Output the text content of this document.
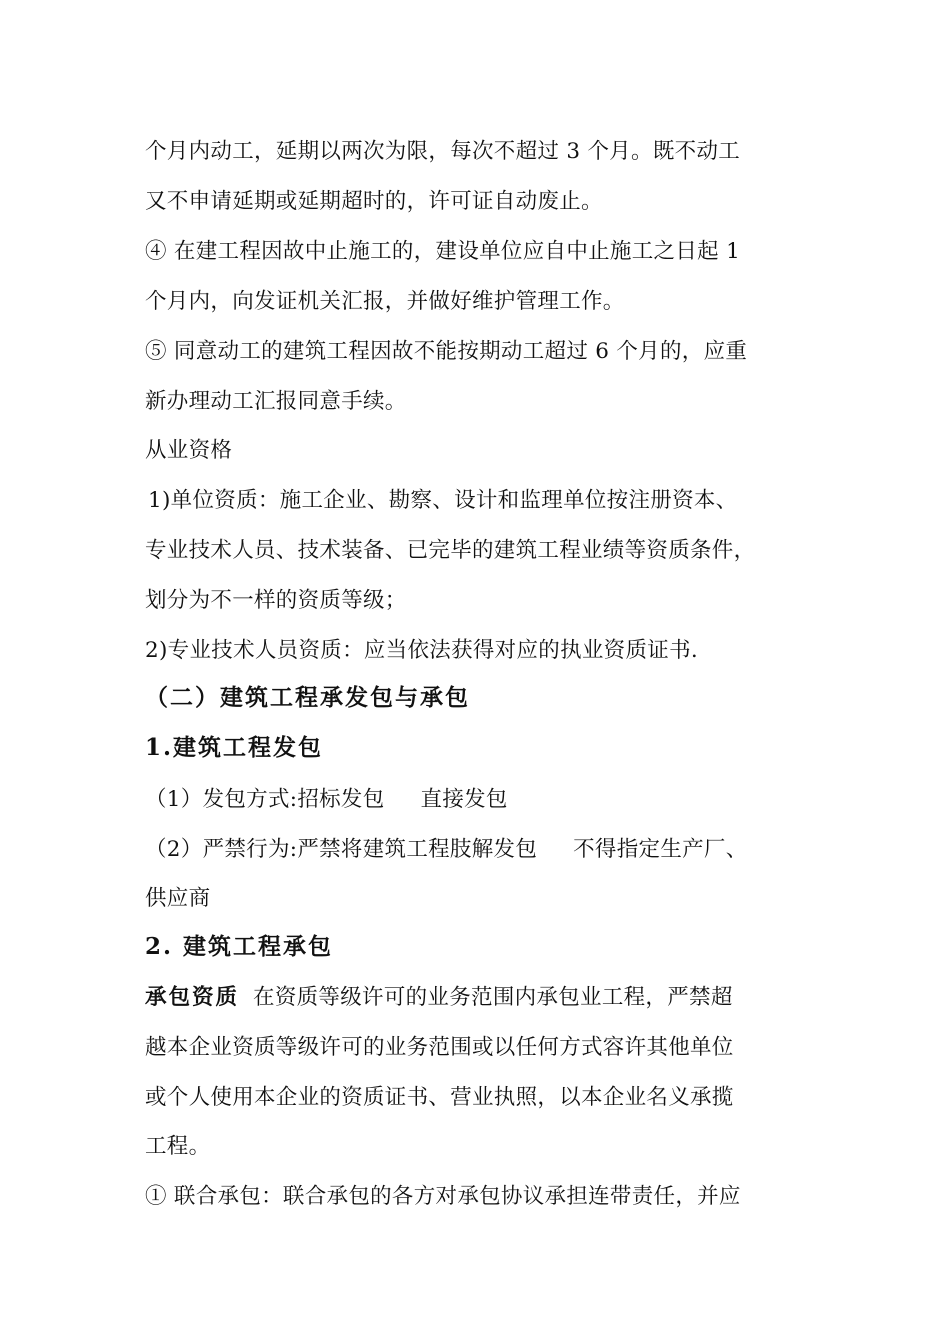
个月内动工，延期以两次为限，每次不超过 3 个月。既不动工
又不申请延期或延期超时的，许可证自动废止。
④ 在建工程因故中止施工的，建设单位应自中止施工之日起 1
个月内，向发证机关汇报，并做好维护管理工作。
⑤ 同意动工的建筑工程因故不能按期动工超过 6 个月的，应重
新办理动工汇报同意手续。
从业资格
1)单位资质：施工企业、勘察、设计和监理单位按注册资本、
专业技术人员、技术装备、已完毕的建筑工程业绩等资质条件，
划分为不一样的资质等级；
2)专业技术人员资质：应当依法获得对应的执业资质证书.
（二）建筑工程承发包与承包
1.建筑工程发包
（1）发包方式:招标发包 直接发包
（2）严禁行为:严禁将建筑工程肢解发包 不得指定生产厂、
供应商
2. 建筑工程承包
承包资质 在资质等级许可的业务范围内承包业工程，严禁超
越本企业资质等级许可的业务范围或以任何方式容许其他单位
或个人使用本企业的资质证书、营业执照，以本企业名义承揽
工程。
① 联合承包：联合承包的各方对承包协议承担连带责任，并应
